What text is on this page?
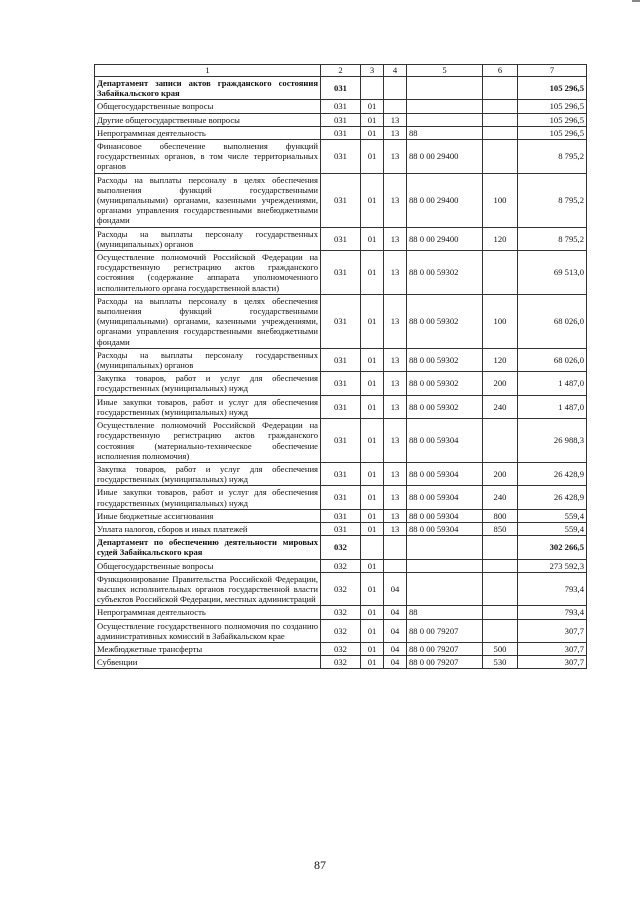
1	2	3	4	5	6	7
Департамент записи актов гражданского состояния Забайкальского края	031					105 296,5
Общегосударственные вопросы	031	01				105 296,5
Другие общегосударственные вопросы	031	01	13			105 296,5
Непрограммная деятельность	031	01	13	88		105 296,5
Финансовое обеспечение выполнения функций государственных органов, в том числе территориальных органов	031	01	13	88 0 00 29400		8 795,2
Расходы на выплаты персоналу в целях обеспечения выполнения функций государственными (муниципальными) органами, казенными учреждениями, органами управления государственными внебюджетными фондами	031	01	13	88 0 00 29400	100	8 795,2
Расходы на выплаты персоналу государственных (муниципальных) органов	031	01	13	88 0 00 29400	120	8 795,2
Осуществление полномочий Российской Федерации на государственную регистрацию актов гражданского состояния (содержание аппарата уполномоченного исполнительного органа государственной власти)	031	01	13	88 0 00 59302		69 513,0
Расходы на выплаты персоналу в целях обеспечения выполнения функций государственными (муниципальными) органами, казенными учреждениями, органами управления государственными внебюджетными фондами	031	01	13	88 0 00 59302	100	68 026,0
Расходы на выплаты персоналу государственных (муниципальных) органов	031	01	13	88 0 00 59302	120	68 026,0
Закупка товаров, работ и услуг для обеспечения государственных (муниципальных) нужд	031	01	13	88 0 00 59302	200	1 487,0
Иные закупки товаров, работ и услуг для обеспечения государственных (муниципальных) нужд	031	01	13	88 0 00 59302	240	1 487,0
Осуществление полномочий Российской Федерации на государственную регистрацию актов гражданского состояния (материально-техническое обеспечение исполнения полномочия)	031	01	13	88 0 00 59304		26 988,3
Закупка товаров, работ и услуг для обеспечения государственных (муниципальных) нужд	031	01	13	88 0 00 59304	200	26 428,9
Иные закупки товаров, работ и услуг для обеспечения государственных (муниципальных) нужд	031	01	13	88 0 00 59304	240	26 428,9
Иные бюджетные ассигнования	031	01	13	88 0 00 59304	800	559,4
Уплата налогов, сборов и иных платежей	031	01	13	88 0 00 59304	850	559,4
Департамент по обеспечению деятельности мировых судей Забайкальского края	032					302 266,5
Общегосударственные вопросы	032	01				273 592,3
Функционирование Правительства Российской Федерации, высших исполнительных органов государственной власти субъектов Российской Федерации, местных администраций	032	01	04			793,4
Непрограммная деятельность	032	01	04	88		793,4
Осуществление государственного полномочия по созданию административных комиссий в Забайкальском крае	032	01	04	88 0 00 79207		307,7
Межбюджетные трансферты	032	01	04	88 0 00 79207	500	307,7
Субвенции	032	01	04	88 0 00 79207	530	307,7
87
